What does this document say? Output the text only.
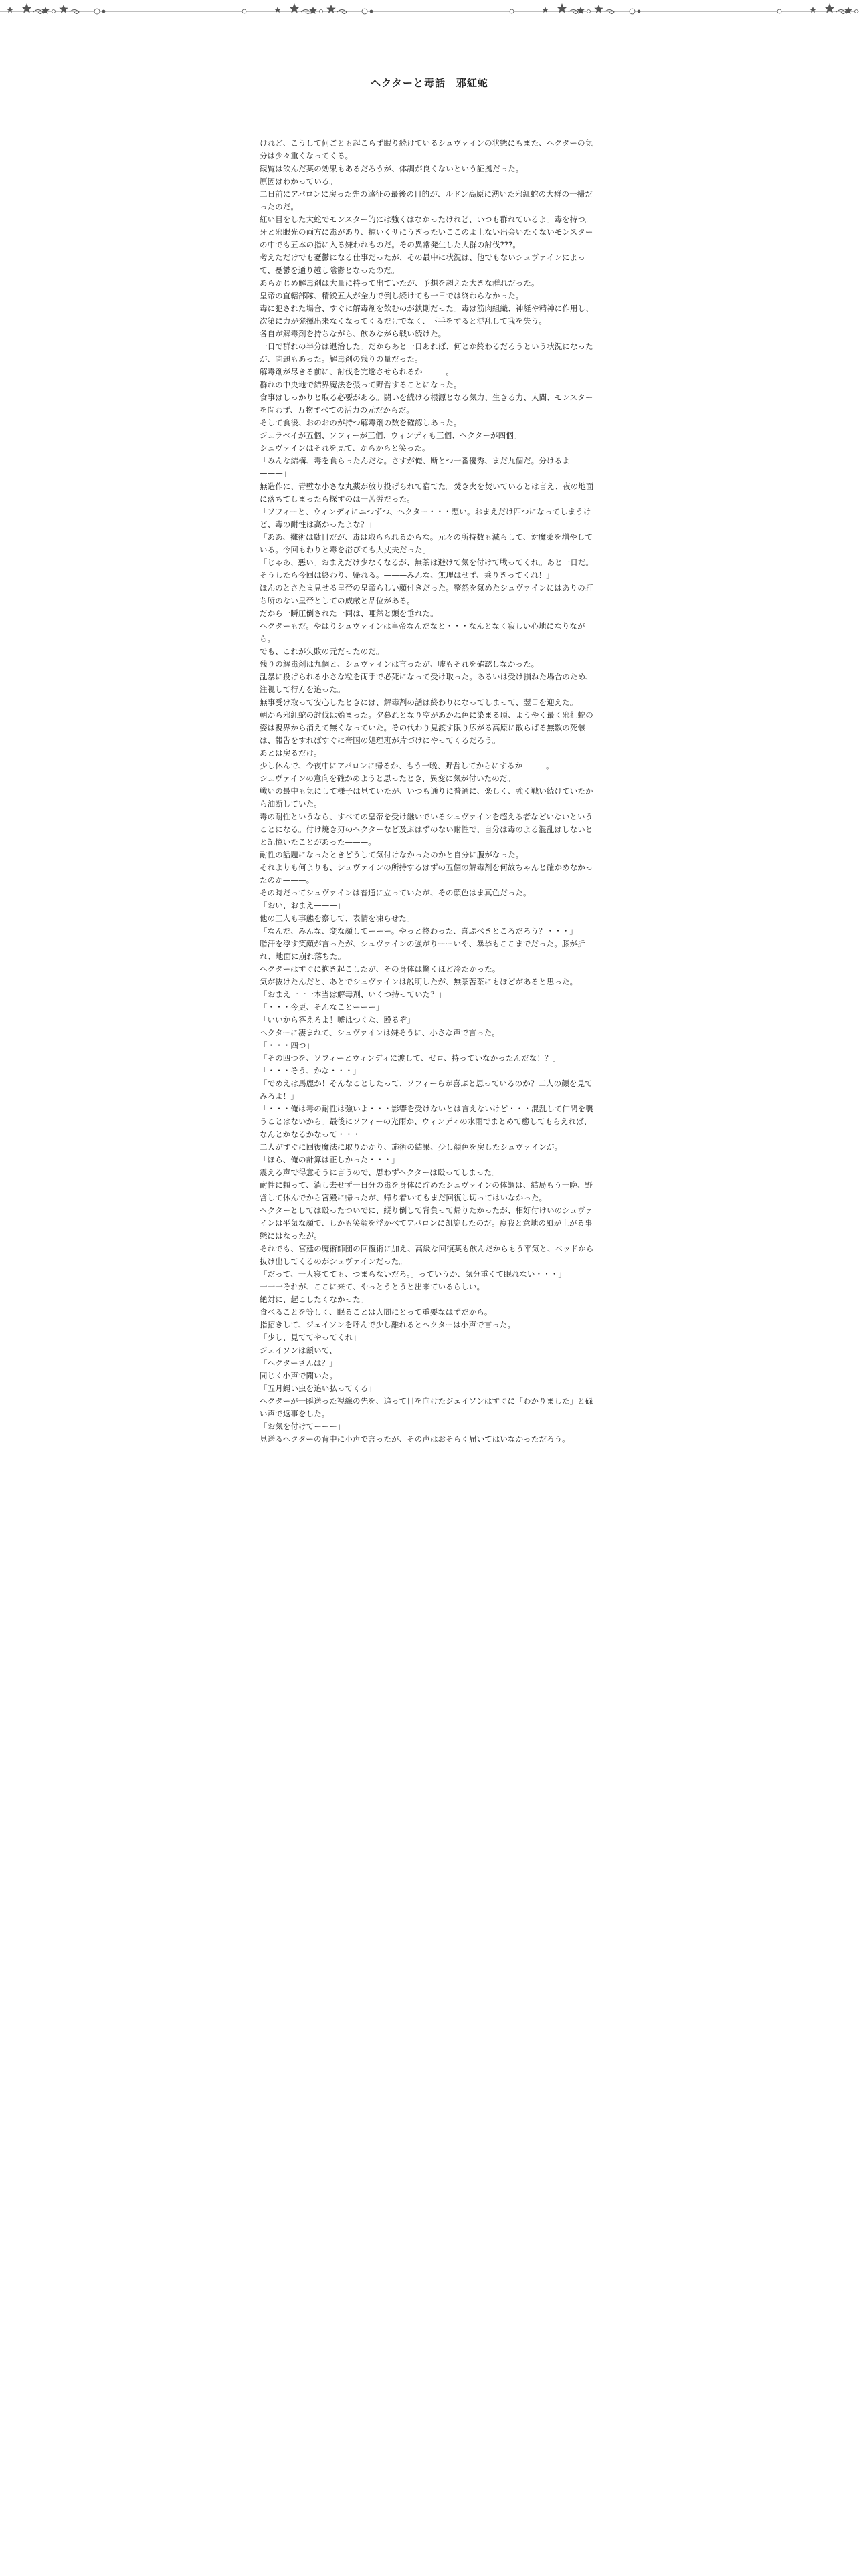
ヘクターと毒話　邪紅蛇

けれど、こうして何ごとも起こらず眠り続けているシュヴァインの状態にもまた、ヘクターの気分は少々重くなってくる。

観覧は飲んだ薬の効果もあるだろうが、体調が良くないという証拠だった。

原因はわかっている。

二日前にアパロンに戻った先の遠征の最後の目的が、ルドン高原に湧いた邪紅蛇の大群の一掃だったのだ。

紅い目をした大蛇でモンスター的には強くはなかったけれど、いつも群れているよ。毒を持つ。牙と邪眼光の両方に毒があり、掠いくサにうぎったいここのよ上ない出会いたくないモンスターの中でも五本の指に入る嫌われものだ。その異常発生した大群の討伐???。

考えただけでも憂鬱になる仕事だったが、その最中に状況は、他でもないシュヴァインによって、憂鬱を通り越し陰鬱となったのだ。

あらかじめ解毒剤は大量に持って出ていたが、予想を超えた大きな群れだった。

皇帝の直轄部隊、精鋭五人が全力で倒し続けても一日では終わらなかった。

毒に犯された場合、すぐに解毒剤を飲むのが鉄則だった。毒は筋肉組織、神経や精神に作用し、次第に力が発揮出来なくなってくるだけでなく、下手をすると混乱して我を失う。

各自が解毒剤を持ちながら、飲みながら戦い続けた。

一日で群れの半分は退治した。だからあと一日あれば、何とか終わるだろうという状況になったが、問題もあった。解毒剤の残りの量だった。

解毒剤が尽きる前に、討伐を完遂させられるか———。

群れの中央地で結界魔法を張って野営することになった。

食事はしっかりと取る必要がある。闘いを続ける根源となる気力、生きる力、人間、モンスターを問わず、万物すべての活力の元だからだ。

そして食後、おのおのが持つ解毒剤の数を確認しあった。

ジュラベイが五個、ソフィーが三個、ウィンディも三個、ヘクターが四個。

シュヴァインはそれを見て、からからと笑った。

「みんな結構、毒を食らったんだな。さすが俺、断とつ一番優秀、まだ九個だ。分けるよ———」

無造作に、青壁な小さな丸薬が放り投げられて宿てた。焚き火を焚いているとは言え、夜の地面に落ちてしまったら探すのは一苦労だった。

「ソフィーと、ウィンディにニつずつ、ヘクター・・・悪い。おまえだけ四つになってしまうけど、毒の耐性は高かったよな？」

「ああ、攤術は駄目だが、毒は取らられるからな。元々の所持数も減らして、対魔薬を増やしている。今回もわりと毒を浴びても大丈夫だった」

「じゃあ、悪い。おまえだけ少なくなるが、無茶は避けて気を付けて戦ってくれ。あと一日だ。そうしたら今回は終わり、帰れる。———みんな、無理はせず、乗りきってくれ！」

ほんのとさたま見せる皇帝の皇帝らしい顔付きだった。整然を氣めたシュヴァインにはありの打ち所のない皇帝としての威厳と品位がある。

だから一瞬圧倒された一同は、唖然と頭を垂れた。

ヘクターもだ。やはりシュヴァインは皇帝なんだなと・・・なんとなく寂しい心地になりながら。

でも、これが失敗の元だったのだ。

残りの解毒剤は九個と、シュヴァインは言ったが、嘘もそれを確認しなかった。

乱暴に投げられる小さな粒を両手で必死になって受け取った。あるいは受け損ねた場合のため、注視して行方を追った。

無事受け取って安心したときには、解毒剤の話は終わりになってしまって、翌日を迎えた。

朝から邪紅蛇の討伐は始まった。夕暮れとなり空があかね色に染まる頃、ようやく最く邪紅蛇の姿は視界から消えて無くなっていた。その代わり見渡す限り広がる高原に散らばる無数の死骸は、報告をすればすぐに帝国の処理班が片づけにやってくるだろう。

あとは戻るだけ。

少し休んで、今夜中にアパロンに帰るか、もう一晩、野営してからにするか———。

シュヴァインの意向を確かめようと思ったとき、異変に気が付いたのだ。

戦いの最中も気にして様子は見ていたが、いつも通りに普通に、楽しく、強く戦い続けていたから油断していた。

毒の耐性というなら、すべての皇帝を受け継いでいるシュヴァインを超える者などいないということになる。付け焼き刃のヘクターなど及ぶはずのない耐性で、自分は毒のよる混乱はしないとと記憶いたことがあった———。

耐性の話題になったときどうして気付けなかったのかと自分に腹がなった。

それよりも何よりも、シュヴァインの所持するはずの五個の解毒剤を何故ちゃんと確かめなかったのか———。

その時だってシュヴァインは普通に立っていたが、その顔色はま真色だった。

「おい、おまえ———」

他の三人も事態を察して、表情を凍らせた。

「なんだ、みんな、変な顔してーーー。やっと終わった、喜ぶべきところだろう？・・・」

脂汗を浮す笑顔が言ったが、シュヴァインの強がりーーいや、暴挙もここまでだった。膝が折れ、地面に崩れ落ちた。

ヘクターはすぐに抱き起こしたが、その身体は驚くほど冷たかった。

気が抜けたんだと、あとでシュヴァインは説明したが、無茶苦茶にもほどがあると思った。

「おまえ一一一本当は解毒剤、いくつ持っていた？」

「・・・今更、そんなことーーー」

「いいから答えろよ！嘘はつくな、殴るぞ」

ヘクターに凄まれて、シュヴァインは嫌そうに、小さな声で言った。

「・・・四つ」

「その四つを、ソフィーとウィンディに渡して、ゼロ、持っていなかったんだな！？」

「・・・そう、かな・・・」

「でめえは馬鹿か！そんなことしたって、ソフィーらが喜ぶと思っているのか？二人の顔を見てみろよ！」

「・・・俺は毒の耐性は強いよ・・・影響を受けないとは言えないけど・・・混乱して仲間を襲うことはないから。最後にソフィーの光雨か、ウィンディの水雨でまとめて癒してもらえれば、なんとかなるかなって・・・」

二人がすぐに回復魔法に取りかかり、施術の結果、少し顔色を戻したシュヴァインが。

「ほら、俺の計算は正しかった・・・」

震える声で得意そうに言うので、思わずヘクターは殴ってしまった。

耐性に頼って、消し去せず一日分の毒を身体に貯めたシュヴァインの体調は、結局もう一晩、野営して休んでから宮殿に帰ったが、帰り着いてもまだ回復し切ってはいなかった。

ヘクターとしては殴ったついでに、縦り倒して背負って帰りたかったが、相好付けいのシュヴァインは平気な顔で、しかも笑顔を浮かべてアパロンに凱旋したのだ。痩我と意地の風が上がる事態にはなったが。

それでも、宮廷の魔術師団の回復術に加え、高級な回復薬も飲んだからもう平気と、ベッドから抜け出してくるのがシュヴァインだった。

「だって、一人寝てても、つまらないだろ。」っていうか、気分重くて眠れない・・・」

一一一それが、ここに来て、やっとうとうと出来ているらしい。

絶対に、起こしたくなかった。

食べることを等しく、眠ることは人間にとって重要なはずだから。

指招きして、ジェイソンを呼んで少し離れるとヘクターは小声で言った。

「少し、見ててやってくれ」

ジェイソンは頷いて、

「ヘクターさんは？」

同じく小声で聞いた。

「五月蝿い虫を追い払ってくる」

ヘクターが一瞬送った視線の先を、追って目を向けたジェイソンはすぐに「わかりました」と碌い声で返事をした。

「お気を付けてーーー」

見送るヘクターの背中に小声で言ったが、その声はおそらく届いてはいなかっただろう。
